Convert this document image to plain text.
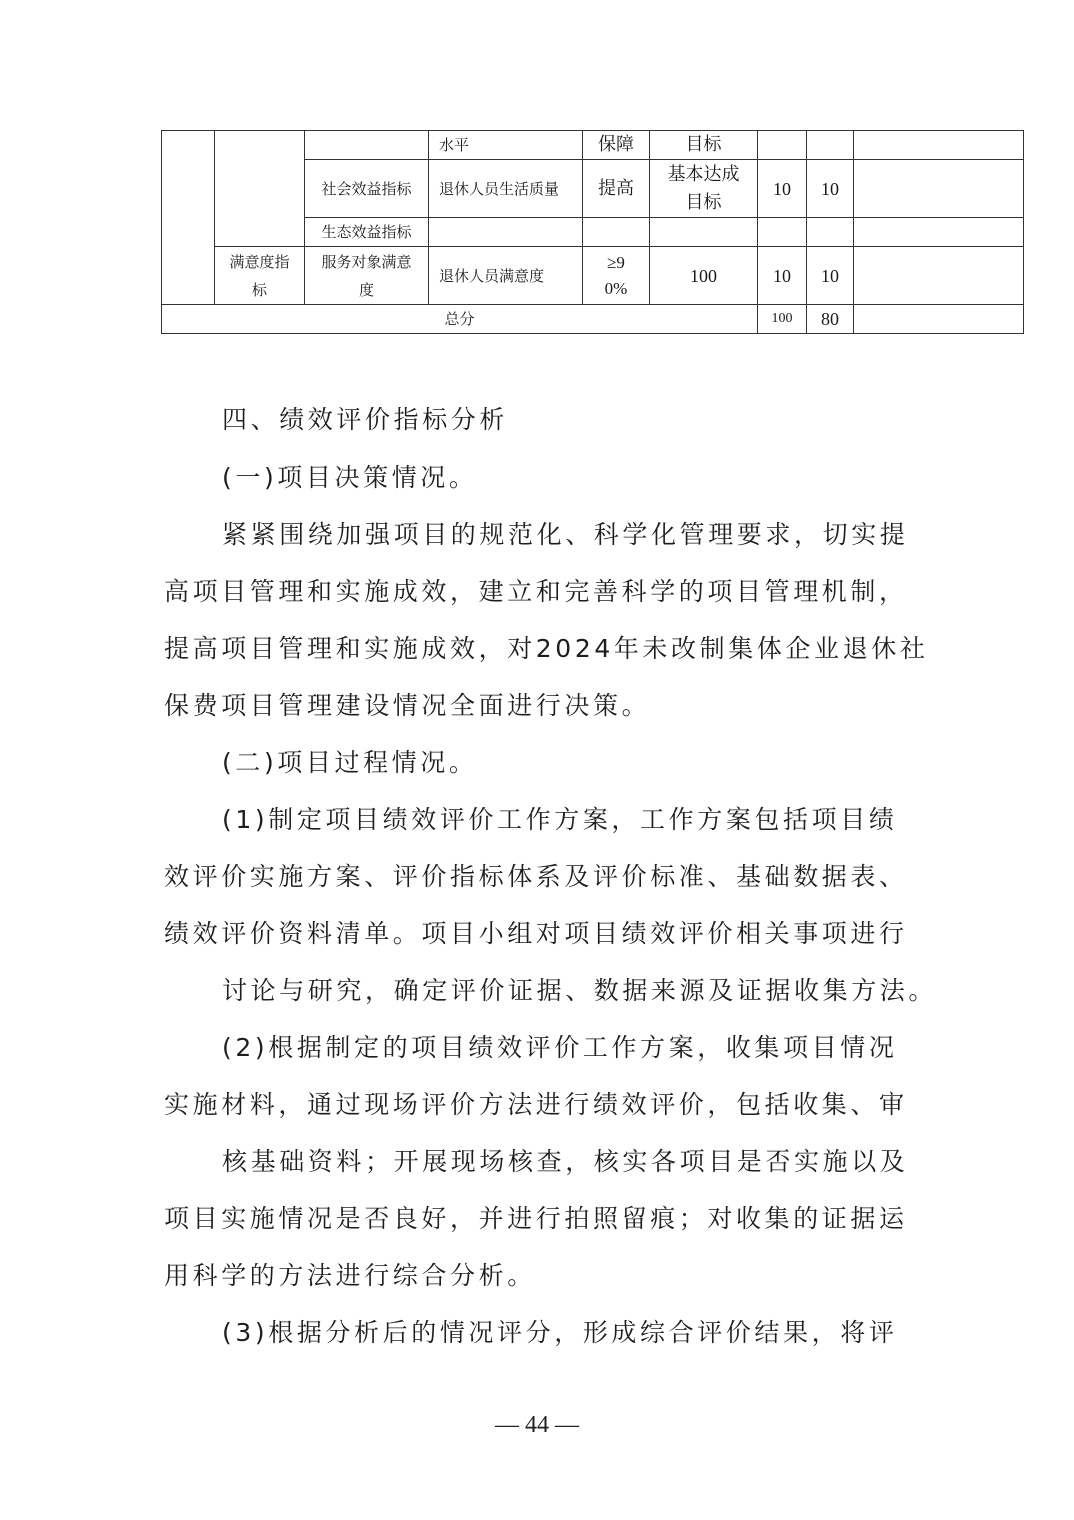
			水平	保障	目标			
		社会效益指标	退休人员生活质量	提高	基本达成目标	10	10	
		生态效益指标						
	满意度指标	服务对象满意度	退休人员满意度	≥90%	100	10	10	
总分						100	80	
四、绩效评价指标分析
(一)项目决策情况。
紧紧围绕加强项目的规范化、科学化管理要求，切实提
高项目管理和实施成效，建立和完善科学的项目管理机制，
提高项目管理和实施成效，对2024年未改制集体企业退休社
保费项目管理建设情况全面进行决策。
(二)项目过程情况。
(1)制定项目绩效评价工作方案，工作方案包括项目绩
效评价实施方案、评价指标体系及评价标准、基础数据表、
绩效评价资料清单。项目小组对项目绩效评价相关事项进行
讨论与研究，确定评价证据、数据来源及证据收集方法。
(2)根据制定的项目绩效评价工作方案，收集项目情况
实施材料，通过现场评价方法进行绩效评价，包括收集、审
核基础资料；开展现场核查，核实各项目是否实施以及
项目实施情况是否良好，并进行拍照留痕；对收集的证据运
用科学的方法进行综合分析。
(3)根据分析后的情况评分，形成综合评价结果，将评
— 44 —
